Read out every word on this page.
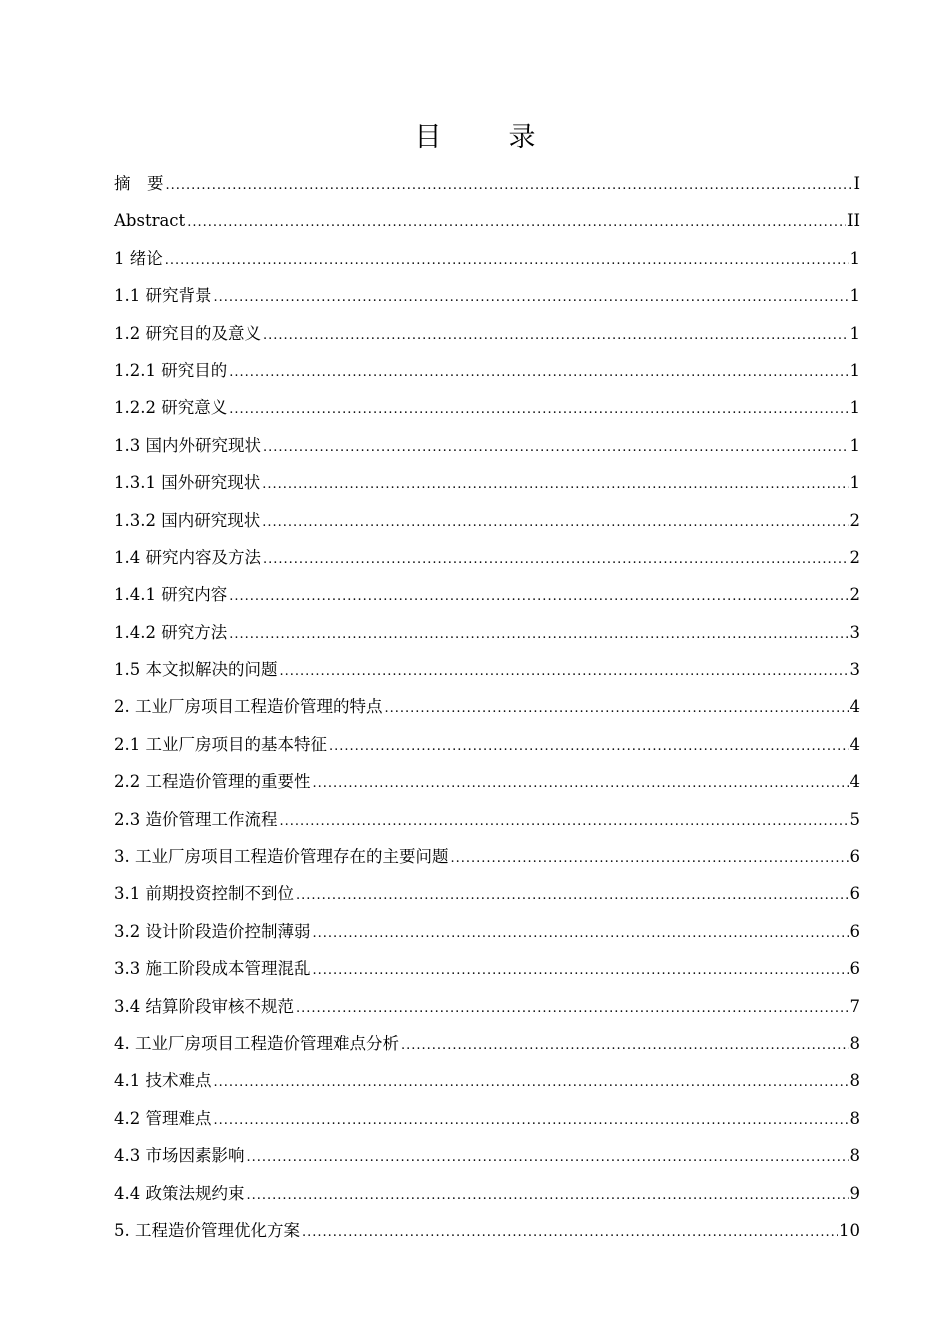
目　录
摘　要 .....	I
Abstract .....	II
1 绪论 .....	1
1.1 研究背景 .....	1
1.2 研究目的及意义 .....	1
1.2.1 研究目的 .....	1
1.2.2 研究意义 .....	1
1.3 国内外研究现状 .....	1
1.3.1 国外研究现状 .....	1
1.3.2 国内研究现状 .....	2
1.4 研究内容及方法 .....	2
1.4.1 研究内容 .....	2
1.4.2 研究方法 .....	3
1.5 本文拟解决的问题 .....	3
2. 工业厂房项目工程造价管理的特点 .....	4
2.1 工业厂房项目的基本特征 .....	4
2.2 工程造价管理的重要性 .....	4
2.3 造价管理工作流程 .....	5
3. 工业厂房项目工程造价管理存在的主要问题 .....	6
3.1 前期投资控制不到位 .....	6
3.2 设计阶段造价控制薄弱 .....	6
3.3 施工阶段成本管理混乱 .....	6
3.4 结算阶段审核不规范 .....	7
4. 工业厂房项目工程造价管理难点分析 .....	8
4.1 技术难点 .....	8
4.2 管理难点 .....	8
4.3 市场因素影响 .....	8
4.4 政策法规约束 .....	9
5. 工程造价管理优化方案 .....	10
